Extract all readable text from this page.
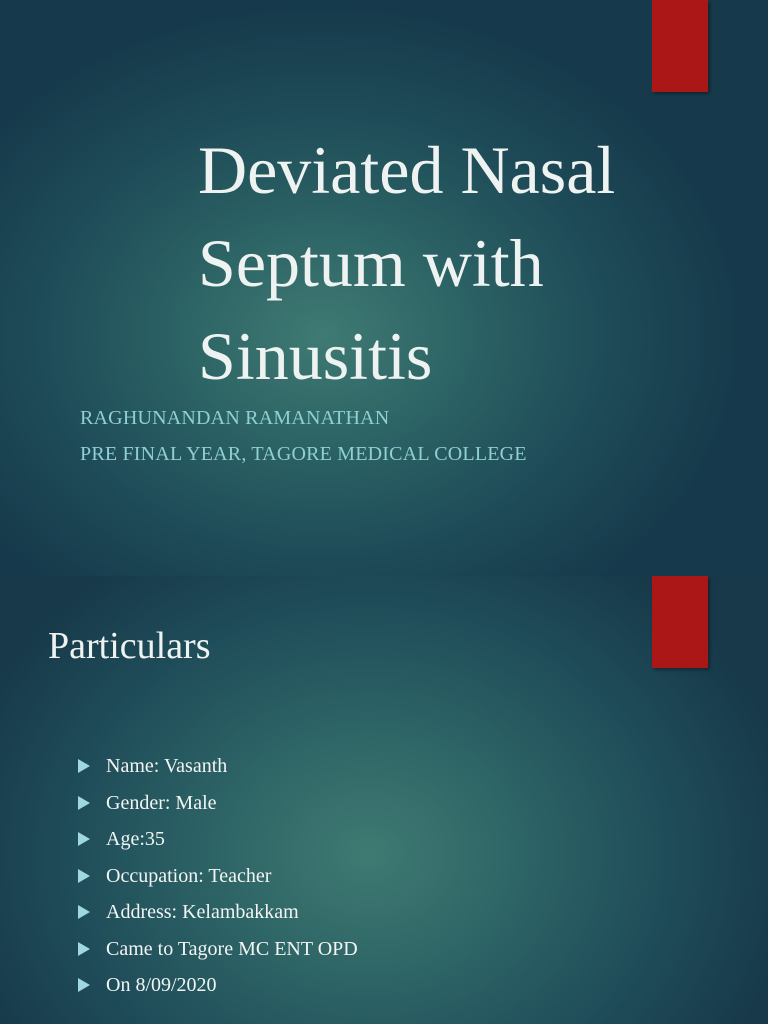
Deviated Nasal
Septum with
Sinusitis

RAGHUNANDAN RAMANATHAN

PRE FINAL YEAR, TAGORE MEDICAL COLLEGE

Particulars
Name: Vasanth
Gender: Male
Age:35
Occupation: Teacher
Address: Kelambakkam
Came to Tagore MC ENT OPD
On 8/09/2020
